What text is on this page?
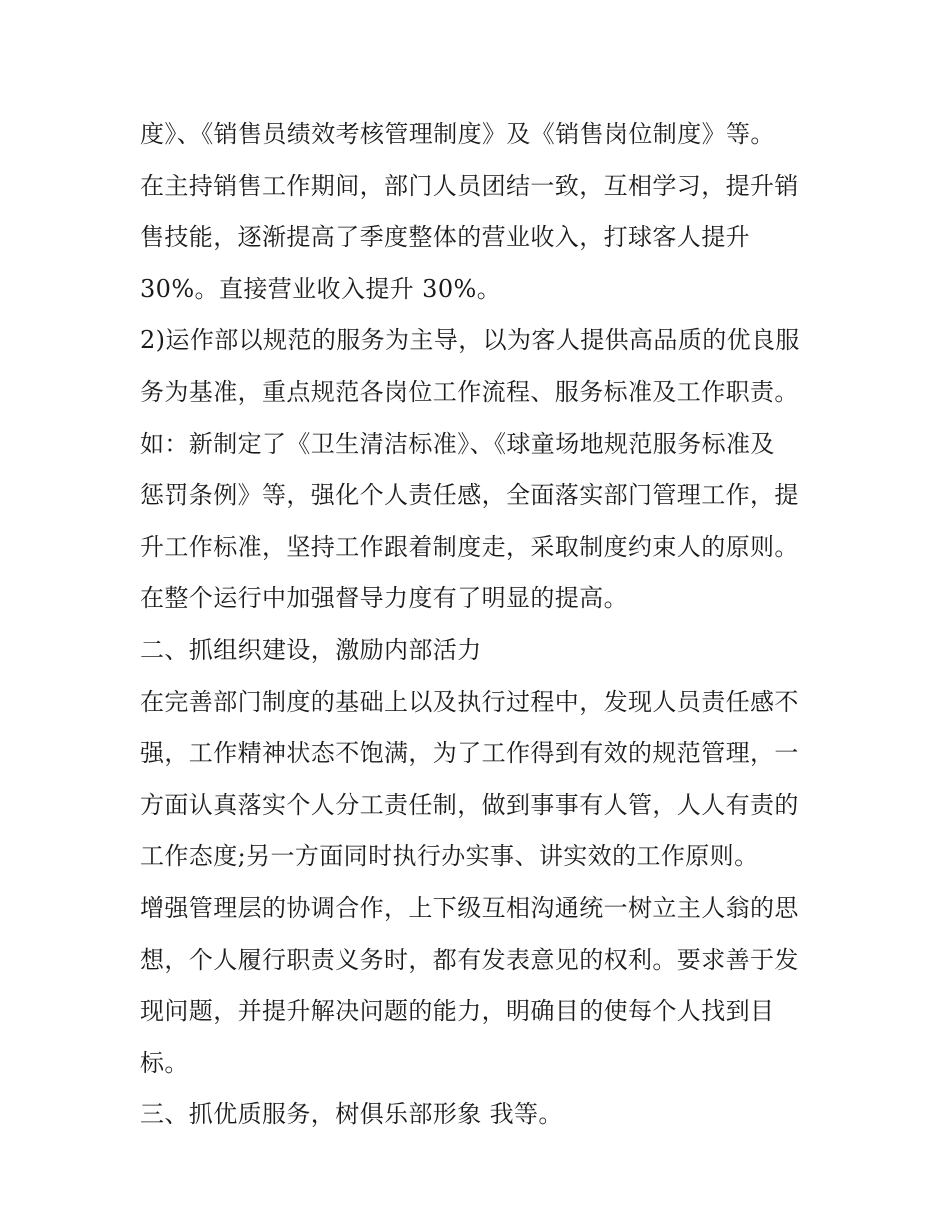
度》、《销售员绩效考核管理制度》及《销售岗位制度》等。
在主持销售工作期间，部门人员团结一致，互相学习，提升销
售技能，逐渐提高了季度整体的营业收入，打球客人提升
30%。直接营业收入提升 30%。
2)运作部以规范的服务为主导，以为客人提供高品质的优良服
务为基准，重点规范各岗位工作流程、服务标准及工作职责。
如：新制定了《卫生清洁标准》、《球童场地规范服务标准及
惩罚条例》等，强化个人责任感，全面落实部门管理工作，提
升工作标准，坚持工作跟着制度走，采取制度约束人的原则。
在整个运行中加强督导力度有了明显的提高。
二、抓组织建设，激励内部活力
在完善部门制度的基础上以及执行过程中，发现人员责任感不
强，工作精神状态不饱满，为了工作得到有效的规范管理，一
方面认真落实个人分工责任制，做到事事有人管，人人有责的
工作态度;另一方面同时执行办实事、讲实效的工作原则。
增强管理层的协调合作，上下级互相沟通统一树立主人翁的思
想，个人履行职责义务时，都有发表意见的权利。要求善于发
现问题，并提升解决问题的能力，明确目的使每个人找到目
标。
三、抓优质服务，树俱乐部形象 我等。
